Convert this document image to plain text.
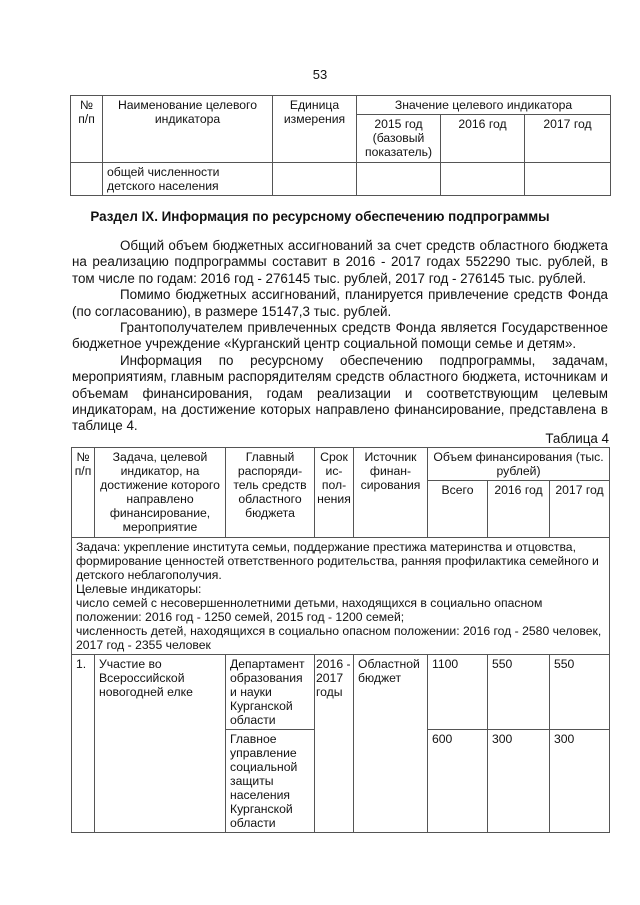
53
№ п/п	Наименование целевого индикатора	Единица измерения	Значение целевого индикатора		
			2015 год (базовый показатель)	2016 год	2017 год
	общей численности детского населения				
Раздел IX. Информация по ресурсному обеспечению подпрограммы

Общий объем бюджетных ассигнований за счет средств областного бюджета на реализацию подпрограммы составит в 2016 - 2017 годах 552290 тыс. рублей, в том числе по годам: 2016 год - 276145 тыс. рублей, 2017 год - 276145 тыс. рублей.

Помимо бюджетных ассигнований, планируется привлечение средств Фонда (по согласованию), в размере 15147,3 тыс. рублей.

Грантополучателем привлеченных средств Фонда является Государственное бюджетное учреждение «Курганский центр социальной помощи семье и детям».

Информация по ресурсному обеспечению подпрограммы, задачам, мероприятиям, главным распорядителям средств областного бюджета, источникам и объемам финансирования, годам реализации и соответствующим целевым индикаторам, на достижение которых направлено финансирование, представлена в таблице 4.

Таблица 4
№ п/п	Задача, целевой индикатор, на достижение которого направлено финансирование, мероприятие	Главный распоряди-тель средств областного бюджета	Срок ис-пол-нения	Источник финан-сирования	Объем финансирования (тыс. рублей)		
					Всего	2016 год	2017 год

Задача: укрепление института семьи, поддержание престижа материнства и отцовства, формирование ценностей ответственного родительства, ранняя профилактика семейного и детского неблагополучия.
Целевые индикаторы:
число семей с несовершеннолетними детьми, находящихся в социально опасном положении: 2016 год - 1250 семей, 2015 год - 1200 семей;
численность детей, находящихся в социально опасном положении: 2016 год - 2580 человек, 2017 год - 2355 человек							

1.	Участие во Всероссийской новогодней елке	Департамент образования и науки Курганской области	2016 - 2017 годы	Областной бюджет	1100	550	550
		Главное управление социальной защиты населения Курганской области			600	300	300
